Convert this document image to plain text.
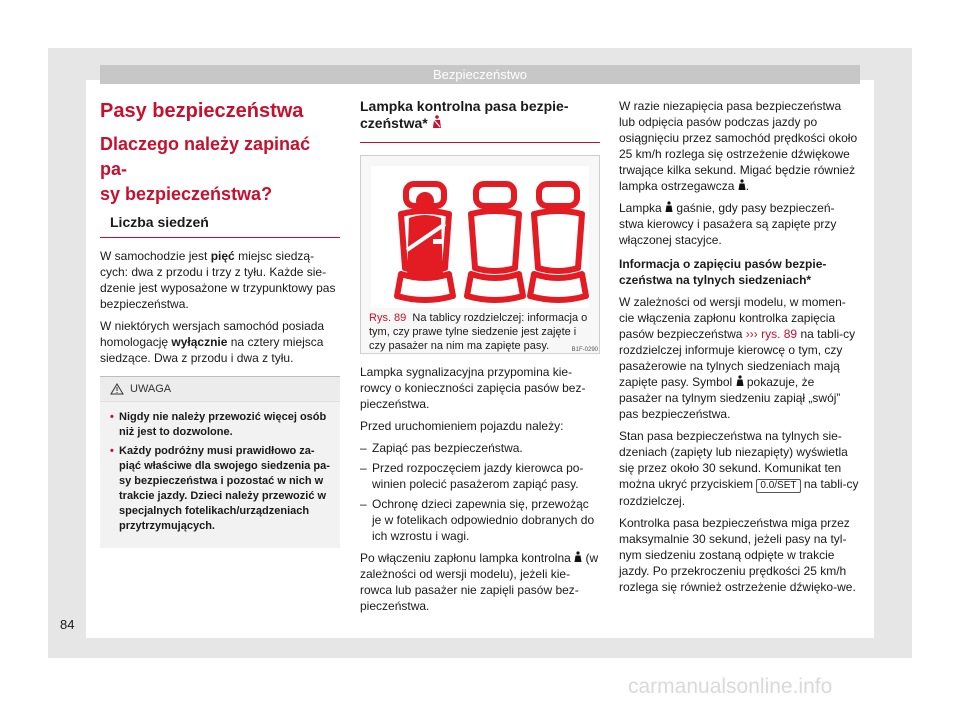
Bezpieczeństwo
Pasy bezpieczeństwa
Dlaczego należy zapinać pa-
sy bezpieczeństwa?
Liczba siedzeń

W samochodzie jest pięć miejsc siedzą-cych: dwa z przodu i trzy z tyłu. Każde sie-dzenie jest wyposażone w trzypunktowy pas bezpieczeństwa.

W niektórych wersjach samochód posiada homologację wyłącznie na cztery miejsca siedzące. Dwa z przodu i dwa z tyłu.

UWAGA
• Nigdy nie należy przewozić więcej osób niż jest to dozwolone.
• Każdy podróżny musi prawidłowo za-piąć właściwe dla swojego siedzenia pa-sy bezpieczeństwa i pozostać w nich w trakcie jazdy. Dzieci należy przewozić w specjalnych fotelikach/urządzeniach przytrzymujących.
Lampka kontrolna pasa bezpie-
czeństwa*
B1F-0290
Rys. 89 Na tablicy rozdzielczej: informacja o tym, czy prawe tylne siedzenie jest zajęte i czy pasażer na nim ma zapięte pasy.

Lampka sygnalizacyjna przypomina kie-rowcy o konieczności zapięcia pasów bez-pieczeństwa.

Przed uruchomieniem pojazdu należy:

– Zapiąć pas bezpieczeństwa.
– Przed rozpoczęciem jazdy kierowca po-winien polecić pasażerom zapiąć pasy.
– Ochronę dzieci zapewnia się, przewożąc je w fotelikach odpowiednio dobranych do ich wzrostu i wagi.

Po włączeniu zapłonu lampka kontrolna (w zależności od wersji modelu), jeżeli kie-rowca lub pasażer nie zapięli pasów bez-pieczeństwa.

W razie niezapięcia pasa bezpieczeństwa lub odpięcia pasów podczas jazdy po osiągnięciu przez samochód prędkości około 25 km/h rozlega się ostrzeżenie dźwiękowe trwające kilka sekund. Migać będzie również lampka ostrzegawcza .

Lampka gaśnie, gdy pasy bezpieczeń-stwa kierowcy i pasażera są zapięte przy włączonej stacyjce.

Informacja o zapięciu pasów bezpie-czeństwa na tylnych siedzeniach*

W zależności od wersji modelu, w momen-cie włączenia zapłonu kontrolka zapięcia pasów bezpieczeństwa ››› rys. 89 na tabli-cy rozdzielczej informuje kierowcę o tym, czy pasażerowie na tylnych siedzeniach mają zapięte pasy. Symbol pokazuje, że pasażer na tylnym siedzeniu zapiął „swój” pas bezpieczeństwa.

Stan pasa bezpieczeństwa na tylnych sie-dzeniach (zapięty lub niezapięty) wyświetla się przez około 30 sekund. Komunikat ten można ukryć przyciskiem 0.0/SET na tabli-cy rozdzielczej.

Kontrolka pasa bezpieczeństwa miga przez maksymalnie 30 sekund, jeżeli pasy na tyl-nym siedzeniu zostaną odpięte w trakcie jazdy. Po przekroczeniu prędkości 25 km/h rozlega się również ostrzeżenie dźwięko-we.

84
carmanualsonline.info
